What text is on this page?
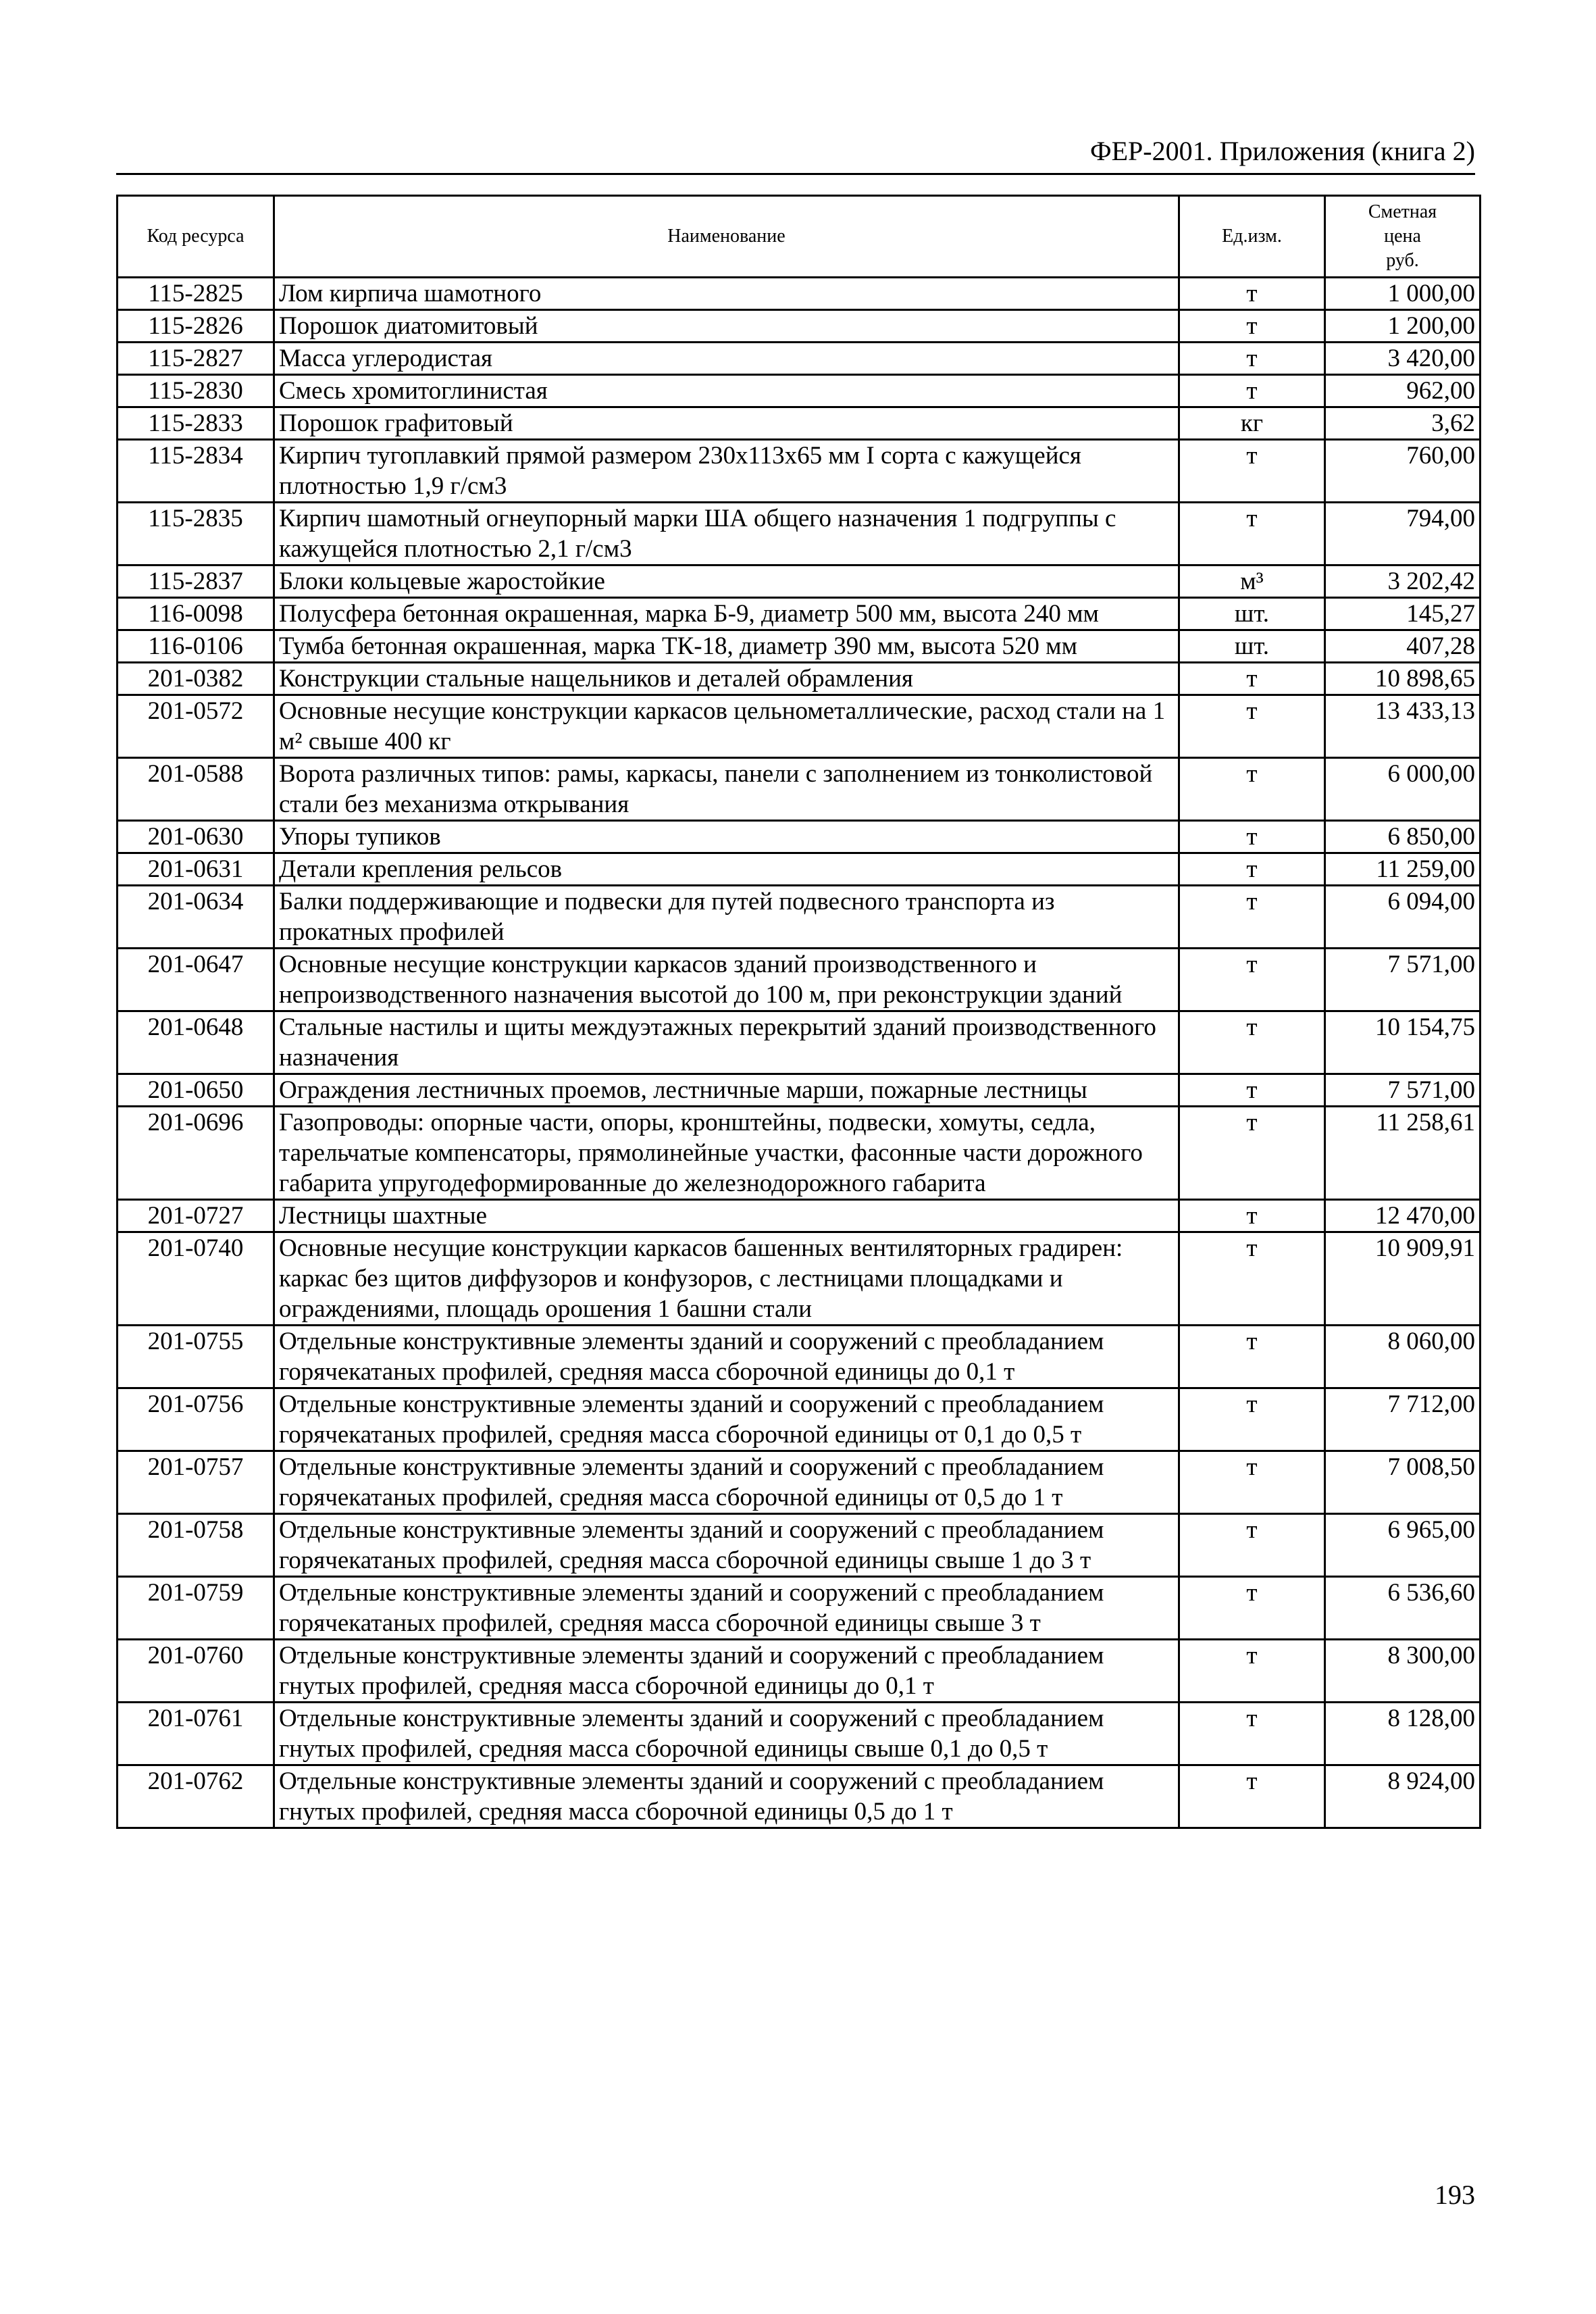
ФЕР-2001. Приложения (книга 2)
Код ресурса	Наименование	Ед.изм.	Сметная
цена
руб.
115-2825	Лом кирпича шамотного	т	1 000,00
115-2826	Порошок диатомитовый	т	1 200,00
115-2827	Масса углеродистая	т	3 420,00
115-2830	Смесь хромитоглинистая	т	962,00
115-2833	Порошок графитовый	кг	3,62
115-2834	Кирпич тугоплавкий прямой размером 230х113х65 мм I сорта с кажущейся плотностью 1,9 г/см3	т	760,00
115-2835	Кирпич шамотный огнеупорный марки ША общего назначения 1 подгруппы с кажущейся плотностью 2,1 г/см3	т	794,00
115-2837	Блоки кольцевые жаростойкие	м³	3 202,42
116-0098	Полусфера бетонная окрашенная, марка Б-9, диаметр 500 мм, высота 240 мм	шт.	145,27
116-0106	Тумба бетонная окрашенная, марка ТК-18, диаметр 390 мм, высота 520 мм	шт.	407,28
201-0382	Конструкции стальные нащельников и деталей обрамления	т	10 898,65
201-0572	Основные несущие конструкции каркасов цельнометаллические, расход стали на 1 м² свыше 400 кг	т	13 433,13
201-0588	Ворота различных типов: рамы, каркасы, панели с заполнением из тонколистовой стали без механизма открывания	т	6 000,00
201-0630	Упоры тупиков	т	6 850,00
201-0631	Детали крепления рельсов	т	11 259,00
201-0634	Балки поддерживающие и подвески для путей подвесного транспорта из прокатных профилей	т	6 094,00
201-0647	Основные несущие конструкции каркасов зданий производственного и непроизводственного назначения высотой до 100 м, при реконструкции зданий	т	7 571,00
201-0648	Стальные настилы и щиты междуэтажных перекрытий зданий производственного назначения	т	10 154,75
201-0650	Ограждения лестничных проемов, лестничные марши, пожарные лестницы	т	7 571,00
201-0696	Газопроводы: опорные части, опоры, кронштейны, подвески, хомуты, седла, тарельчатые компенсаторы, прямолинейные участки, фасонные части дорожного габарита упругодеформированные до железнодорожного габарита	т	11 258,61
201-0727	Лестницы шахтные	т	12 470,00
201-0740	Основные несущие конструкции каркасов башенных вентиляторных градирен: каркас без щитов диффузоров и конфузоров, с лестницами площадками и ограждениями, площадь орошения 1 башни стали	т	10 909,91
201-0755	Отдельные конструктивные элементы зданий и сооружений с преобладанием горячекатаных профилей, средняя масса сборочной единицы до 0,1 т	т	8 060,00
201-0756	Отдельные конструктивные элементы зданий и сооружений с преобладанием горячекатаных профилей, средняя масса сборочной единицы от 0,1 до 0,5 т	т	7 712,00
201-0757	Отдельные конструктивные элементы зданий и сооружений с преобладанием горячекатаных профилей, средняя масса сборочной единицы от 0,5 до 1 т	т	7 008,50
201-0758	Отдельные конструктивные элементы зданий и сооружений с преобладанием горячекатаных профилей, средняя масса сборочной единицы свыше 1 до 3 т	т	6 965,00
201-0759	Отдельные конструктивные элементы зданий и сооружений с преобладанием горячекатаных профилей, средняя масса сборочной единицы свыше 3 т	т	6 536,60
201-0760	Отдельные конструктивные элементы зданий и сооружений с преобладанием гнутых профилей, средняя масса сборочной единицы до 0,1 т	т	8 300,00
201-0761	Отдельные конструктивные элементы зданий и сооружений с преобладанием гнутых профилей, средняя масса сборочной единицы свыше 0,1 до 0,5 т	т	8 128,00
201-0762	Отдельные конструктивные элементы зданий и сооружений с преобладанием гнутых профилей, средняя масса сборочной единицы 0,5 до 1 т	т	8 924,00
193
